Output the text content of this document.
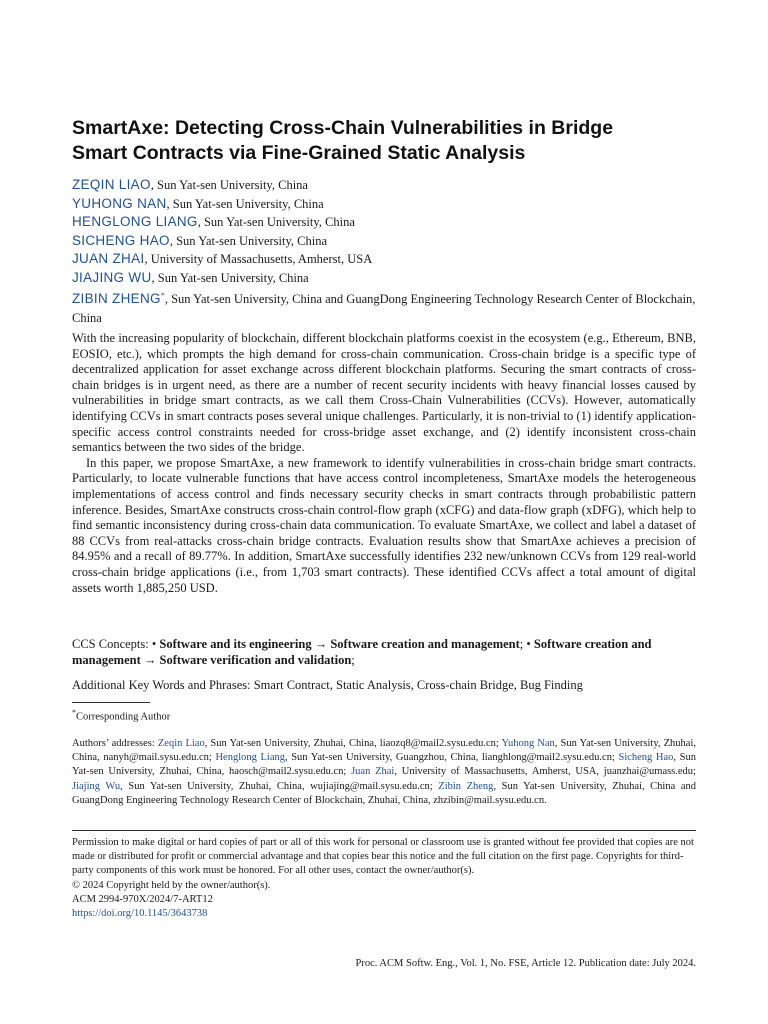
SmartAxe: Detecting Cross-Chain Vulnerabilities in Bridge
Smart Contracts via Fine-Grained Static Analysis
ZEQIN LIAO, Sun Yat-sen University, China
YUHONG NAN, Sun Yat-sen University, China
HENGLONG LIANG, Sun Yat-sen University, China
SICHENG HAO, Sun Yat-sen University, China
JUAN ZHAI, University of Massachusetts, Amherst, USA
JIAJING WU, Sun Yat-sen University, China
ZIBIN ZHENG*, Sun Yat-sen University, China and GuangDong Engineering Technology Research Center of Blockchain, China

With the increasing popularity of blockchain, different blockchain platforms coexist in the ecosystem (e.g., Ethereum, BNB, EOSIO, etc.), which prompts the high demand for cross-chain communication. Cross-chain bridge is a specific type of decentralized application for asset exchange across different blockchain platforms. Securing the smart contracts of cross-chain bridges is in urgent need, as there are a number of recent security incidents with heavy financial losses caused by vulnerabilities in bridge smart contracts, as we call them Cross-Chain Vulnerabilities (CCVs). However, automatically identifying CCVs in smart contracts poses several unique challenges. Particularly, it is non-trivial to (1) identify application-specific access control constraints needed for cross-bridge asset exchange, and (2) identify inconsistent cross-chain semantics between the two sides of the bridge.

In this paper, we propose SmartAxe, a new framework to identify vulnerabilities in cross-chain bridge smart contracts. Particularly, to locate vulnerable functions that have access control incompleteness, SmartAxe models the heterogeneous implementations of access control and finds necessary security checks in smart contracts through probabilistic pattern inference. Besides, SmartAxe constructs cross-chain control-flow graph (xCFG) and data-flow graph (xDFG), which help to find semantic inconsistency during cross-chain data communication. To evaluate SmartAxe, we collect and label a dataset of 88 CCVs from real-attacks cross-chain bridge contracts. Evaluation results show that SmartAxe achieves a precision of 84.95% and a recall of 89.77%. In addition, SmartAxe successfully identifies 232 new/unknown CCVs from 129 real-world cross-chain bridge applications (i.e., from 1,703 smart contracts). These identified CCVs affect a total amount of digital assets worth 1,885,250 USD.

CCS Concepts: • Software and its engineering → Software creation and management; • Software creation and management → Software verification and validation;
Additional Key Words and Phrases: Smart Contract, Static Analysis, Cross-chain Bridge, Bug Finding
*Corresponding Author
Authors’ addresses: Zeqin Liao, Sun Yat-sen University, Zhuhai, China, liaozq8@mail2.sysu.edu.cn; Yuhong Nan, Sun Yat-sen University, Zhuhai, China, nanyh@mail.sysu.edu.cn; Henglong Liang, Sun Yat-sen University, Guangzhou, China, lianghlong@mail2.sysu.edu.cn; Sicheng Hao, Sun Yat-sen University, Zhuhai, China, haosch@mail2.sysu.edu.cn; Juan Zhai, University of Massachusetts, Amherst, USA, juanzhai@umass.edu; Jiajing Wu, Sun Yat-sen University, Zhuhai, China, wujiajing@mail.sysu.edu.cn; Zibin Zheng, Sun Yat-sen University, Zhuhai, China and GuangDong Engineering Technology Research Center of Blockchain, Zhuhai, China, zhzibin@mail.sysu.edu.cn.

Permission to make digital or hard copies of part or all of this work for personal or classroom use is granted without fee provided that copies are not made or distributed for profit or commercial advantage and that copies bear this notice and the full citation on the first page. Copyrights for third-party components of this work must be honored. For all other uses, contact the owner/author(s).

© 2024 Copyright held by the owner/author(s).

ACM 2994-970X/2024/7-ART12

https://doi.org/10.1145/3643738

Proc. ACM Softw. Eng., Vol. 1, No. FSE, Article 12. Publication date: July 2024.
